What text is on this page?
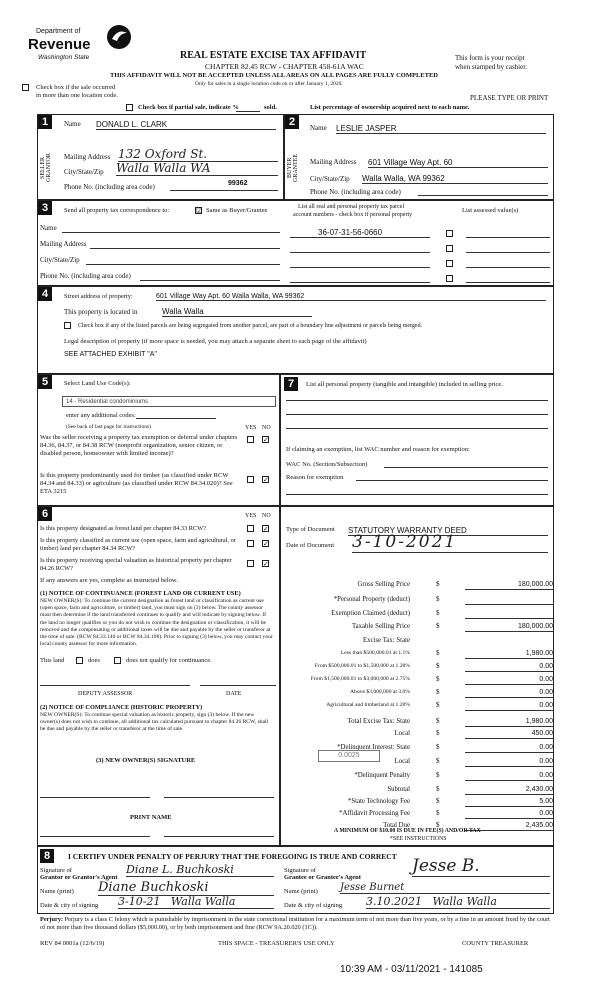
Department of
Revenue
Washington State	REAL ESTATE EXCISE TAX AFFIDAVIT
CHAPTER 82.45 RCW - CHAPTER 458-61A WAC
THIS AFFIDAVIT WILL NOT BE ACCEPTED UNLESS ALL AREAS ON ALL PAGES ARE FULLY COMPLETED
Only for sales in a single location code on or after January 1, 2020.
This form is your receipt
when stamped by cashier.
Check box if the sale occurred
in more than one location code.	PLEASE TYPE OR PRINT
Check box if partial sale, indicate %	sold.	List percentage of ownership acquired next to each name.
1	Name DONALD L. CLARK
SELLER GRANTOR	Mailing Address 132 Oxford St.
City/State/Zip Walla Walla WA
Phone No. (including area code)	99362
2	Name LESLIE JASPER
BUYER GRANTEE	Mailing Address 601 Village Way Apt. 60
City/State/Zip Walla Walla, WA 99362
Phone No. (including area code)
3	Send all property tax correspondence to:	☑ Same as Buyer/Grantee
Name
Mailing Address
City/State/Zip
Phone No. (including area code)
List all real and personal property tax parcel
account numbers - check box if personal property
List assessed value(s)
36-07-31-56-0660
4	Street address of property:	601 Village Way Apt. 60 Walla Walla, WA 99362
This property is located in	Walla Walla
Check box if any of the listed parcels are being segregated from another parcel, are part of a boundary line adjustment or parcels being merged.
Legal description of property (if more space is needed, you may attach a separate sheet to each page of the affidavit)
SEE ATTACHED EXHIBIT "A"
5	Select Land Use Code(s):
14 - Residential condominiums
enter any additional codes:
(See back of last page for instructions)	YES NO
Was the seller receiving a property tax exemption or deferral under chapters 84.36, 84.37, or 84.38 RCW (nonprofit organization, senior citizen, or disabled person, homeowner with limited income)?
✓
Is this property predominantly used for timber (as classified under RCW 84.34 and 84.33) or agriculture (as classified under RCW 84.34.020)? See ETA 3215
✓
7	List all personal property (tangible and intangible) included in selling price.
If claiming an exemption, list WAC number and reason for exemption:
WAC No. (Section/Subsection)
Reason for exemption
6	YES NO
Is this property designated as forest land per chapter 84.33 RCW?	✓
Is this property classified as current use (open space, farm and agricultural, or timber) land per chapter 84.34 RCW?	✓
Is this property receiving special valuation as historical property per chapter 84.26 RCW?	✓
If any answers are yes, complete as instructed below.
(1) NOTICE OF CONTINUANCE (FOREST LAND OR CURRENT USE)
NEW OWNER(S): To continue the current designation as forest land or classification as current use (open space, farm and agriculture, or timber) land, you must sign on (3) below. The county assessor must then determine if the land transferred continues to qualify and will indicate by signing below. If the land no longer qualifies or you do not wish to continue the designation or classification, it will be removed and the compensating or additional taxes will be due and payable by the seller or transferor at the time of sale. (RCW 84.33.140 or RCW 84.34.108). Prior to signing (3) below, you may contact your local county assessor for more information.
This land	does	does not qualify for continuance.
DEPUTY ASSESSOR	DATE
(2) NOTICE OF COMPLIANCE (HISTORIC PROPERTY)
NEW OWNER(S): To continue special valuation as historic property, sign (3) below. If the new owner(s) does not wish to continue, all additional tax calculated pursuant to chapter 84.26 RCW, shall be due and payable by the seller or transferor at the time of sale.
(3) NEW OWNER(S) SIGNATURE
PRINT NAME
Type of Document STATUTORY WARRANTY DEED
Date of Document 3-10-2021
Gross Selling Price	$	180,000.00
*Personal Property (deduct)	$
Exemption Claimed (deduct)	$
Taxable Selling Price	$	180,000.00
Excise Tax: State
Less than $500,000.01 at 1.1%	$	1,980.00
From $500,000.01 to $1,500,000 at 1.28%	$	0.00
From $1,500,000.01 to $3,000,000 at 2.75%	$	0.00
Above $3,000,000 at 3.0%	$	0.00
Agricultural and timberland at 1.28%	$	0.00
Total Excise Tax: State	$	1,980.00
Local	$	450.00
*Delinquent Interest: State	$	0.00
Local	$	0.00
*Delinquent Penalty	$	0.00
Subtotal	$	2,430.00
*State Technology Fee	$	5.00
*Affidavit Processing Fee	$	0.00
Total Due	$	2,435.00
0.0025
A MINIMUM OF $10.00 IS DUE IN FEE(S) AND/OR TAX
*SEE INSTRUCTIONS
8	I CERTIFY UNDER PENALTY OF PERJURY THAT THE FOREGOING IS TRUE AND CORRECT
Signature of
Grantor or Grantor's Agent
Diane L. Buchkoski
Name (print) Diane Buchkoski
Date & city of signing 3-10-21   Walla Walla
Signature of
Grantee or Grantee's Agent
Jesse B.
Name (print) Jesse Burnet
Date & city of signing 3.10.2021   Walla Walla
Perjury: Perjury is a class C felony which is punishable by imprisonment in the state correctional institution for a maximum term of not more than five years, or by a fine in an amount fixed by the court of not more than five thousand dollars ($5,000.00), or by both imprisonment and fine (RCW 9A.20.020 (1C)).
REV 84 0001a (12/6/19)	THIS SPACE - TREASURER'S USE ONLY	COUNTY TREASURER
10:39 AM - 03/11/2021 - 141085
